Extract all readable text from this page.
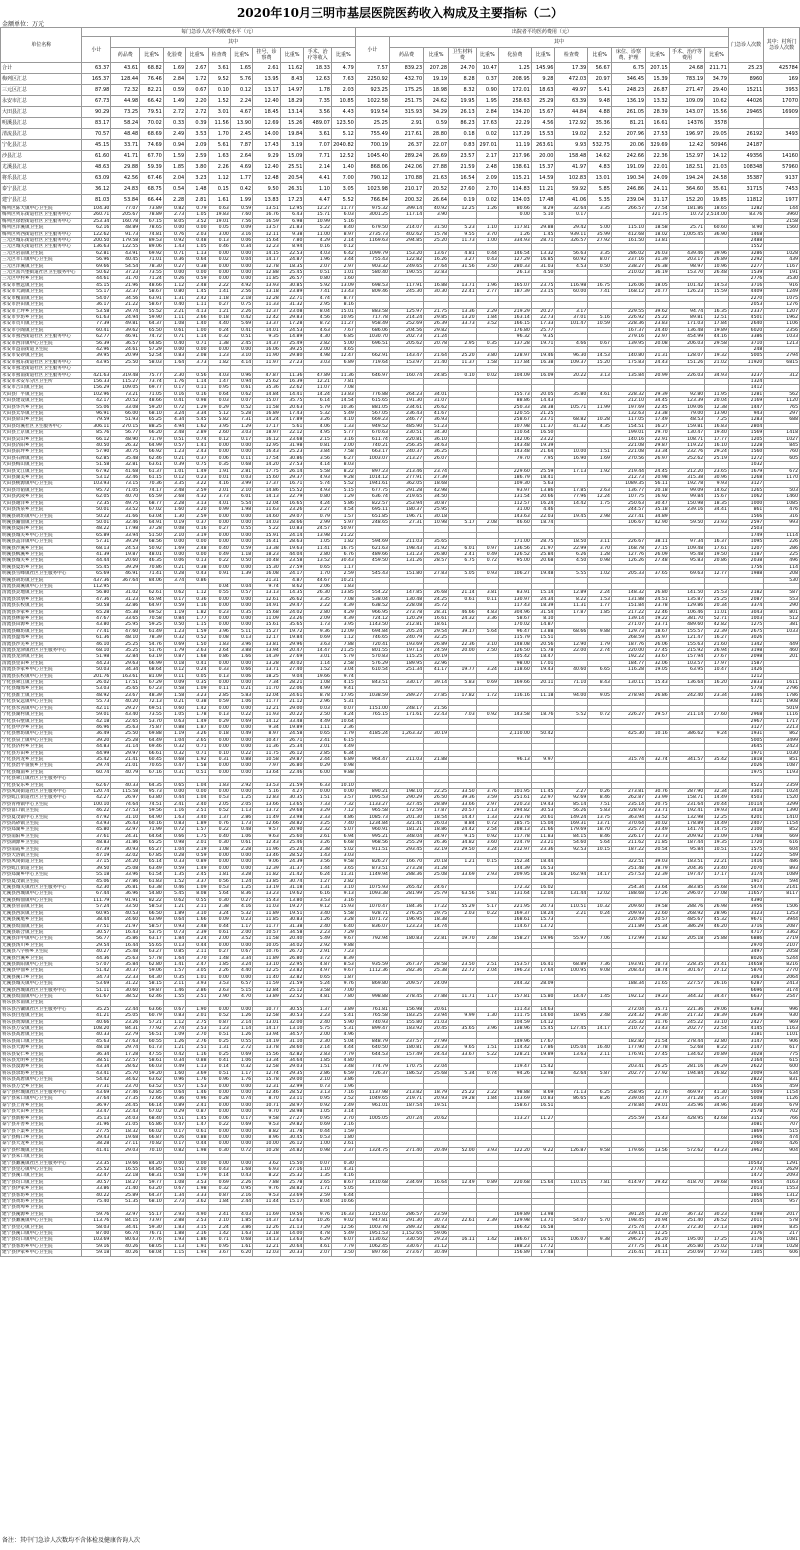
2020年10月三明市基层医院医药收入构成及主要指标（二）
金额单位：万元
单位名称	每门急诊人次平均收费水平（元）											出院者平均医药费用（元）													门急诊人次数	其中：村所门急诊人次数
	小计	其中										小计	其中													
		药品费	比重%	化验费	比重%	检查费	比重%	挂号、诊察费	比重%	手术、治疗等收入	比重%		药品费	比重%	卫生材料费	比重%	化验费	比重%	检查费	比重%	床位、诊察费、护理	比重%	手术、治疗等费用	比重%		
合计	63.37	43.61	68.82	1.69	2.67	3.61	1.65	2.61	11.62	18.33	4.79	7.57	839.23	207.28	24.70	10.47	1.25	145.96	17.39	56.67	6.75	207.15	24.68	211.71	25.23	425784
梅列区汇总	165.37	128.44	76.46	2.84	1.72	9.52	5.76	13.95	8.43	12.63	7.63	2250.92	432.70	19.19	8.28	0.37	208.95	9.28	472.03	20.97	346.45	15.39	783.19	34.79	8960	169
三元区汇总	87.98	72.32	82.21	0.59	0.67	0.10	0.12	13.17	14.97	1.78	2.03	923.25	175.25	18.98	8.32	0.90	172.01	18.63	49.97	5.41	248.23	26.87	271.47	29.40	15211	3953
永安市汇总	67.73	44.98	66.42	1.49	2.20	1.52	2.24	12.40	18.29	7.35	10.85	1022.58	251.75	24.62	19.95	1.95	258.63	25.29	63.39	9.48	136.19	13.32	109.09	10.62	44026	17070
大田县汇总	90.29	73.25	79.51	2.72	2.72	3.01	4.67	18.45	13.14	3.56	4.43	919.54	315.93	34.29	26.13	2.84	134.20	15.67	44.84	4.88	261.05	28.39	143.07	15.56	29465	16909
明溪县汇总	83.17	58.24	70.02	0.33	0.39	11.56	13.90	12.69	15.26	489.07	123.50	25.25	2.91	0.59	86.23	17.63	22.29	4.56	172.92	35.36	81.21	16.61	14376	3578		
清流县汇总	70.57	48.48	68.69	2.49	3.53	1.70	2.45	14.00	19.84	3.61	5.12	755.49	217.61	28.80	0.18	0.02	117.29	15.53	19.02	2.52	207.96	27.53	196.97	29.05	26192	3493
宁化县汇总	45.15	33.71	74.69	0.94	2.09	5.61	7.87	17.43	3.19	7.07	2040.82	700.19	26.37	22.07	0.83	297.01	11.19	263.61	9.93	532.75	20.06	329.69	12.42	50946	24187	
沙县汇总	61.60	41.71	67.70	1.59	2.59	1.63	2.64	9.29	15.09	7.71	12.52	1045.40	289.24	26.69	23.57	2.17	217.96	20.00	158.48	14.62	242.66	22.36	152.97	14.12	49356	14160
尤溪县汇总	48.63	29.88	59.39	1.85	3.80	2.26	4.69	12.40	25.51	2.14	1.40	868.06	242.06	27.88	21.59	2.48	138.61	15.37	41.97	4.83	191.09	22.01	182.51	21.03	108348	57960
将乐县汇总	63.09	42.56	67.46	2.04	3.23	1.12	1.77	12.48	20.54	4.41	7.00	790.12	170.88	21.63	16.54	2.09	115.21	14.59	102.83	13.01	190.34	24.09	194.24	24.58	35387	9137
泰宁县汇总	36.12	24.83	68.75	0.54	1.48	0.15	0.42	9.50	26.31	1.10	3.05	1023.98	210.17	20.52	27.60	2.70	114.83	11.21	59.92	5.85	246.86	24.11	364.60	35.61	31715	7453
建宁县汇总	81.03	53.84	66.44	2.28	2.81	1.61	1.99	13.83	17.23	4.47	5.52	766.84	200.32	26.64	0.19	0.02	134.03	17.48	41.06	5.35	239.04	31.17	152.20	19.85	11812	1977
梅列区陈大镇中心卫生院	104.30	77.07	73.89	0.82	0.79	0.63	0.59	13.51	12.95	12.27	11.77	975.32	399.14	40.92	12.25	1.26	80.66	8.29	32.64	3.35	266.57	27.54	181.86	18.65	1282	144
梅列区列东街道社区卫生服务中心	260.71	205.67	78.89	2.73	1.05	19.83	7.60	16.76	6.43	15.71	6.03	3001.25	117.14	3.90			0.00	5.10	0.17			321.75	10.72	2,514.00	83.76	3960
梅列区徐碧街道社区卫生服务中心	253.34	160.78	67.15	8.05	3.52	19.01	7.56	16.59	6.98	10.99	5.16															2158
梅列区洋溪镇卫生院	62.16	48.89	78.65	0.00	0.00	0.05	0.09	13.57	21.83	5.22	8.40	679.50	214.07	31.50	5.23	1.10	117.81	29.88	29.42	5.00	115.10	18.58	25.71	60.60	8.90	1560
梅列区列西街道社区卫生服务中心	122.62	91.73	74.81	0.76	2.03	3.00	3.16	12.11	9.38	11.00	8.97	2735.73	402.62	15.78	9.55	3.70	1.26	1.45	939.11	35.99	412.68	18.02	1,005.45	36.90	1468	
三元区城东街道社区卫生服务中心	200.50	179.58	89.53	0.92	0.48	0.13	0.06	15.64	7.80	4.29	2.14	1169.63	294.85	25.20	11.73	1.00	334.93	28.71	326.57	27.92	161.50	13.81			2488	
三元区城关街道社区卫生服务中心	136.63	122.55	89.06	1.43	1.05	0.46	0.34	12.23	8.94	0.16	0.12														1552	
三元区岩前镇卫生院	62.81	43.91	69.92	0.71	1.13	0.00	0.00	14.15	22.53	4.03	6.42	1099.79	153.20	13.67	4.81	0.44	146.54	13.32	56.63	3.35	286.02	26.03	439.46	39.96	3286	1028
三元区莘口镇中心卫生院	56.96	40.45	71.01	0.36	0.64	0.02	0.04	14.17	24.87	1.96	3.44	755.43	122.82	16.26	3.27	0.43	127.29	16.85	60.92	8.07	237.16	31.39	203.17	26.89	2292	439
三元区洋溪镇卫生院	69.66	54.54	78.30	0.27	0.38	0.00	0.00	12.78	18.35	2.07	2.97	903.32	249.65	27.64	31.56	3.50	280.33	31.03	4.53	0.50	238.27	26.38	98.97	10.96	2277	1167
三元区富兴堡街道社区卫生服务中心	50.62	37.23	73.55	0.00	0.00	0.00	0.00	12.88	25.45	0.51	1.01	580.40	190.55	32.83			26.13	4.50			210.02	36.19	153.70	26.48	1539	191
三元区中村乡卫生院	44.61	31.70	71.24	0.26	0.59	0.00	0.00	11.85	26.57	0.80	1.60														2776	3530
永安市曹远镇卫生院	45.15	21.96	48.66	1.12	2.48	2.22	4.92	13.93	30.85	5.92	13.09	698.53	117.91	16.88	13.71	1.96	165.07	23.75	116.98	16.75	126.06	18.05	101.42	14.53	3716	916
永安市大湖镇卫生院	55.17	32.37	58.67	0.80	1.45	1.41	2.56	13.18	23.89	7.41	13.43	809.46	245.30	30.30	22.41	2.77	187.39	23.15	60.00	7.41	168.12	20.77	126.23	15.59	4409	1249
永安市槐南镇卫生院	54.07	34.56	63.91	1.31	2.42	1.18	2.18	12.28	22.71	4.74	8.77														2270	1075
永安市洪田镇卫生院	36.17	21.22	58.67	0.40	1.11	0.27	0.75	11.33	31.32	2.95	8.16														2053	1276
永安市上坪乡卫生院	53.58	29.74	55.52	2.21	4.13	1.21	2.26	12.37	23.08	8.04	15.01	883.58	125.97	21.75	13.36	2.29	219.29	20.27	3.17		229.55	39.62	94.74	16.35	2337	1207
永安市罗坊乡卫生院	61.63	24.94	59.90	1.11	2.66	0.18	0.42	12.42	29.83	4.56	10.95	717.78	214.24	29.85	13.20	1.84	163.14	22.73	37.01	5.16	226.92	25.22	89.81	12.51	4501	1962
永安市贡川镇卫生院	77.39	49.81	64.37	1.08	1.40	4.40	5.69	13.37	17.28	8.72	11.27	958.49	252.69	26.39	33.73	3.52	166.15	17.33	101.47	10.59	228.36	23.83	171.03	17.84	2640	1106
永安市小陶镇卫生院	60.41	39.62	65.50	0.61	1.00	0.24	0.41	14.01	24.53	4.63	7.67	686.06	204.56	29.82			176.80	25.77			167.37	24.40	136.48	19.89	6020	2356
永安市燕西街道社区卫生服务中心	62.77	46.91	74.72	0.71	1.14	0.32	0.51	9.35	14.89	4.30	6.85	1030.70	202.73	21.24			96.32	9.35			279.16	22.97	454.99	44.16	3386	1033
永安市西洋镇中心卫生院	56.39	36.57	64.85	0.40	0.71	1.38	2.45	14.37	25.49	2.82	5.00	696.51	205.62	20.78	2.95	0.35	137.28	19.71	4.66	0.67	139.95	20.08	206.03	29.58	3710	1213
永安市益前街道卫生院	42.96	24.61	57.29	0.00	0.00	0.00	0.00	16.06	39.25	2.00	4.65														248	
永安市安砂镇卫生院	39.95	20.99	52.54	0.83	2.08	1.23	3.10	11.90	29.80	4.98	12.47	662.91	143.47	21.64	25.20	3.80	128.97	19.46	96.30	14.53	140.80	21.31	128.07	19.32	5005	2794
永安市燕东街道社区卫生服务中心	43.95	25.50	58.03	1.64	3.73	1.82	4.14	11.97	27.23	3.03	6.89	719.64	153.97	21.40	11.37	1.58	117.84	16.38	109.37	15.20	175.83	24.43	151.26	21.02	11920	6815
永安市燕北街道社区卫生服务中心																										
永安市燕南街道社区卫生服务中心	421.63	319.48	75.77	2.30	0.56	4.03	0.96	47.87	11.36	47.89	11.36	646.97	160.74	24.85	0.10	0.02	104.09	16.09	20.22	3.13	135.84	20.99	226.03	34.93	3237	312
永安市永安军分区卫生所	156.33	115.27	73.74	1.76	1.14	1.47	0.94	25.62	16.39	12.21	7.81														1324	
永安市吉山镇卫生院	156.29	109.05	69.77	0.17	0.11	0.95	0.61	35.36	22.62	11.07	7.08														1412	
大田县广平镇卫生院	102.96	73.21	71.05	0.16	0.16	0.64	0.62	14.84	14.41	14.24	13.83	776.88	264.23	34.01			155.73	20.05	35.80	4.61	228.32	29.39	92.80	11.95	1281	562
大田县建设镇卫生院	42.17	20.52	48.66	0.41	0.98	0.03	0.07	15.07	35.75	6.14	14.54	615.65	191.30	31.07			88.86	14.43			212.10	34.45	123.39	20.04	2169	1120
大田县华兴乡卫生院	55.06	33.08	59.20	0.72	1.29	0.29	0.52	11.58	20.63	5.79	10.36	881.05	234.61	26.62			250.33	28.38	105.71	11.99	197.69	22.45	109.06	12.38	1447	765
大田县太华镇卫生院	96.91	66.00	68.10	3.24	3.34	5.12	5.28	16.89	17.43	5.32	5.49	567.05	236.43	41.67			120.55	21.25			132.63	23.38	79.00	13.90	943	297
大田县屏山乡卫生院	79.59	51.93	65.25	4.34	5.45	5.82	7.31	14.24	17.89	3.26	4.10	669.23	246.77	36.93			258.67	23.71	68.82	10.28	117.05	17.49	48.53	7.25	1283	688
大田县均溪社区卫生服务中心	306.11	270.15	88.25	4.94	1.62	3.95	1.29	17.17	5.61	4.06	1.33	949.52	485.90	51.23			107.98	11.37	41.32	4.35	154.51	16.27	159.81	16.83	2804	
大田县上京镇卫生院	85.76	56.77	66.20	2.48	2.89	2.60	3.03	18.97	22.12	4.95	5.77	670.63	230.51	34.30			110.64	16.50			199.01	29.70	130.47	19.40	1569	1418
大田县吴山乡卫生院	66.12	48.90	71.79	0.51	0.74	0.12	0.17	16.12	23.68	2.15	3.16	611.74	220.81	36.10			142.06	23.22			140.16	22.91	108.71	17.77	1205	1027
大田县济阳乡卫生院	40.50	26.32	64.99	0.57	1.41	0.00	0.00	12.95	31.98	0.81	2.00	740.21	256.35	34.63			143.48	19.39			221.08	29.87	119.22	16.10	1228	845
大田县前坪乡卫生院	57.90	30.75	66.92	1.23	2.43	0.00	0.00	16.43	25.23	3.84	7.58	663.17	240.37	36.25			143.48	21.64	10.00	1.51	221.08	33.34	232.76	29.24	1560	760
大田县石牌镇卫生院	62.85	35.48	62.46	0.21	0.37	0.06	0.11	17.54	30.86	3.56	6.27	1003.07	213.27	26.07			79.70	7.95	16.90	1.69	270.56	26.97	252.62	25.19	1272	605
大田县梅山镇卫生院	51.58	32.81	63.61	0.39	0.75	0.35	0.68	14.20	27.53	4.14	8.03														1032	
大田县文江镇卫生院	67.92	41.68	61.37	1.01	1.49	1.91	2.81	17.75	26.14	5.58	8.22	897.23	213.46	23.74			229.60	25.59	17.13	1.92	219.44	24.45	212.20	23.65	1679	672
大田县湖美乡卫生院	53.12	32.46	61.15	0.12	0.23	0.01	0.03	15.60	29.37	4.93	9.28	1014.12	277.91	27.39			186.79	18.41			212.73	20.98	315.38	30.96	1268	1170
大田县桃源镇中心卫生院	103.93	73.15	70.36	3.35	3.22	4.16	3.99	17.37	16.71	5.74	5.52	1941.61	362.05	18.68			109.30	5.63			1089.35	56.11	192.78	9.93	3127	
大田县奇韬镇卫生院	95.72	71.05	74.17	2.48	2.59	2.01	2.10	14.86	15.52	4.93	5.15	677.75	291.28	42.98			93.97	13.86	17.85	2.63	136.77	20.18	99.09	14.62	1265	503
大田县武陵乡卫生院	62.05	40.70	65.59	2.68	4.32	3.73	6.01	14.13	22.79	0.80	1.29	636.74	219.65	34.50			131.54	20.66	77.96	12.24	107.75	16.92	99.84	15.67	1062	1460
大田县谢洋乡卫生院	72.35	49.75	68.77	2.28	3.13	4.01	5.54	12.04	16.65	4.24	5.86	822.57	253.94	30.87			112.57	16.24	14.42	1.75	250.63	30.47	150.98	18.35	1000	1085
大田县汤泉乡卫生院	50.01	33.52	67.02	1.60	3.20	0.99	1.98	11.63	23.26	2.27	4.54	695.11	180.37	25.95			31.00	4.46			244.57	35.18	239.16	34.41	861	476
明溪县胡坊镇中心卫生院	50.22	31.66	63.04	1.30	2.59	0.00	0.00	14.60	29.07	0.79	1.57	651.85	196.71	30.18			143.63	22.03	19.45	2.98	227.41	34.89			1566	316
明溪县瀚仙镇卫生院	50.01	32.46	64.91	0.19	0.37	0.00	0.00	14.03	28.66	2.99	5.97	248.65	27.31	10.98	5.17	2.08	46.60	18.74			106.67	42.90	59.50	23.93	2597	993
明溪县夏阳乡卫生院	48.22	17.98	37.28	0.08	0.16	0.27	0.55	5.22	10.83	24.57	50.97														2503	
明溪县城关乡中心卫生院	65.89	33.94	51.50	2.10	3.19	0.00	0.00	15.91	24.14	13.98	21.22														1749	1114
明溪县盖洋镇中心卫生院	57.31	39.29	68.56	0.00	0.00	0.00	0.00	16.41	28.63	1.05	1.82	594.69	211.03	35.65			171.00	28.75	18.50	3.11	226.67	38.11	97.34	16.37	1095	226
明溪县沙溪乡卫生院	68.13	24.53	50.92	1.69	2.48	0.40	0.59	13.38	19.63	11.41	16.75	621.63	198.43	31.92	6.01	0.97	136.56	21.97	22.99	3.70	168.78	27.15	109.48	17.61	1207	286
明溪县枫溪乡卫生院	41.39	19.87	48.01	0.00	0.00	0.49	1.18	18.23	44.04	2.80	6.76	489.66	131.23	26.80	2.41	0.49	126.52	25.84	6.26	1.28	127.76	26.09	95.48	19.50	1187	225
明溪县城关乡卫生院	44.44	20.60	46.35	0.06	0.13	0.22	0.50	10.48	23.58	13.52	30.43	459.50	131.26	28.57	6.75	0.72	95.00	20.68	4.50	0.98	126.26	27.48	95.83	20.86	2038	496
明溪县夏坊乡卫生院	55.45	39.29	70.86	0.21	0.38	0.00	0.00	15.30	27.59	0.65	1.17														1756	114
明溪县雪峰镇社区卫生服务中心	65.69	46.91	71.41	0.28	0.43	0.91	1.39	16.08	24.17	1.70	2.59	545.43	151.80	27.83	5.05	0.93	106.27	19.48	5.55	1.02	205.33	37.65	69.63	12.77	1988	208
明溪县胡坊镇卫生院	437.36	367.64	84.06	3.74	0.86			21.31	4.87	44.67	10.21															530
清流县嵩溪镇中心卫生院	112.95					0.04	0.04	9.74	8.62	2.06	1.83															
清流县灵地镇卫生院	56.80	31.02	62.61	0.62	1.12	0.55	0.57	13.13	14.35	26.30	13.85	554.22	147.85	26.68	21.14	3.81	83.91	15.14	12.89	2.24	148.32	26.80	141.50	25.53	2182	587
清流县余朋乡卫生院	47.36	31.23	65.94	0.17	0.36	0.00	0.00	12.61	26.62	3.35	7.08	538.04	130.48	24.25	0.61	0.11	130.97	24.34	8.22	1.53	131.88	24.51	135.87	25.25	2087	553
清流县长校镇卫生院	50.58	32.86	64.97	0.59	1.16	0.00	0.00	14.91	29.47	2.22	4.39	638.52	228.08	35.72			117.43	18.39	11.31	1.77	151.84	23.78	129.86	20.34	3374	290
清流县李家乡卫生院	65.28	45.38	69.52	1.19	1.82	0.23	0.35	15.68	24.02	2.80	4.29	966.95	273.78	28.31	46.66	4.83	304.96	31.54	17.87	1.85	217.22	22.46	106.46	11.01	3043	801
清流县林畲乡卫生院	47.67	33.65	70.58	0.84	1.77	0.00	0.00	11.09	23.26	2.09	4.39	724.12	120.29	16.61	24.32	3.36	58.67	8.10			139.14	19.22	381.70	52.71	1003	512
清流县田源乡卫生院	43.80	25.95	59.25	0.50	1.15	0.00	0.00	15.61	35.65	1.73	3.95	1143.50	212.81	18.61			170.02	14.87			271.07	23.71	489.60	42.82	1275	381
清流县赖坊镇卫生院	77.41	47.60	61.49	1.23	1.59	3.96	5.11	15.27	19.72	9.36	12.09	694.84	205.24	29.54	39.17	5.64	96.47	13.88	68.66	9.88	129.73	18.67	155.57	22.39	2675	1033
清流县温郊乡卫生院	61.36	48.10	78.39	0.32	0.52	0.08	0.13	12.17	19.84	0.69	1.12	746.65	240.79	32.25			115.79	15.51			268.59	35.97	121.47	16.27	3026	
清流县沙芜乡卫生院	46.10	25.25	54.76	0.69	1.50	1.83	3.96	13.81	29.96	3.63	7.88	720.41	193.69	26.89	22.36	3.10	148.08	20.56	12.90	1.79	187.76	26.06	155.63	21.60	1342	449
清流县龙津镇社区卫生服务中心	68.10	35.25	51.76	1.79	2.63	2.64	3.88	13.94	20.47	14.47	21.25	801.55	197.13	24.59	20.00	2.50	126.50	15.78	22.00	2.74	220.00	27.45	215.92	26.94	3198	460
清流县龙津镇卫生院	51.98	32.84	63.19	0.87	1.68	0.86	1.66	14.39	27.69	3.01	5.79	570.83	115.25	20.19			105.42	18.47			192.22	33.67	157.94	27.67	2098	201
清流县里田乡卫生院	44.23	29.63	66.99	0.18	0.41	0.00	0.00	13.28	30.02	1.14	2.58	576.29	189.95	32.96			98.00	17.01			184.77	32.06	103.57	17.97	1587	
清流县李家乡中心卫生院	50.03	34.34	68.64	0.12	0.24	0.33	0.66	13.71	27.40	1.52	3.04	610.54	251.34	41.17	19.77	3.24	118.60	19.43	40.60	6.65	116.28	19.05	63.95	10.47	1426	
清流县长校镇中心卫生院	201.76	163.61	81.09	0.11	0.05	0.13	0.06	18.25	9.04	19.66	9.74														1212	
宁化县翠江镇卫生院	26.02	17.51	67.29	0.09	0.35	0.00	0.00	7.34	28.21	1.08	4.15	843.51	330.17	39.14	5.83	0.69	169.66	20.11	71.10	8.43	130.11	15.43	136.64	16.20	2833	1611
宁化县城郊乡卫生院	53.03	35.65	67.23	0.58	1.09	0.11	0.21	11.70	22.06	4.99	9.41														5778	2796
宁化县淮土镇卫生院	48.92	23.67	48.39	1.58	3.23	2.85	5.83	12.04	24.61	8.78	17.95	1038.59	289.27	27.85	17.82	1.72	116.16	11.18	94.00	9.05	278.94	26.86	242.40	23.34	3346	1786
宁化县安远镇中心卫生院	55.73	40.20	72.13	0.21	0.38	0.59	1.06	11.77	21.12	2.96	5.31														4321	1908
宁化县水茜镇中心卫生院	42.11	29.27	69.51	0.60	1.42	0.00	0.00	12.21	29.00	0.03	0.07	1151.00	248.17	21.56												5019
宁化县湖村镇卫生院	59.01	43.40	73.55	1.05	1.78	0.13	0.22	11.93	20.22	2.50	4.24	765.15	171.61	22.43	7.03	0.92	143.58	18.76	5.52	0.72	226.27	29.57	211.14	27.60	2968	1116
宁化县石壁镇卫生院	42.18	22.65	53.70	0.63	1.49	0.29	0.69	14.12	33.48	4.49	10.64														2967	1717
宁化县中沙乡卫生院	46.96	35.63	75.87	0.88	1.87	0.00	0.00	9.34	19.89	1.11	2.36														3127	2213
宁化县曹坊镇中心卫生院	36.49	25.50	69.88	1.19	3.26	0.18	0.49	8.97	24.58	0.65	1.79	4185.24	1,263.32	30.19			2,110.00	50.42			425.30	10.16	386.62	9.24	1931	862
宁化县泉上镇中心卫生院	39.20	25.28	64.49	1.04	2.65	0.00	0.00	10.47	26.71	2.41	6.15														5005	3499
宁化县济村乡卫生院	44.83	31.14	69.46	0.32	0.71	0.00	0.00	11.36	25.34	2.01	4.49														3645	2423
宁化县方田乡卫生院	44.99	29.97	66.61	0.32	0.71	0.10	0.22	11.75	26.12	2.85	6.34														1971	1030
宁化县河龙乡卫生院	35.42	21.41	60.45	0.68	1.92	0.31	0.88	10.58	29.87	2.44	6.89	964.47	211.03	21.88			96.13	9.97			315.74	32.74	341.57	35.42	1818	851
宁化县治平畲族乡卫生院	29.74	21.01	70.65	0.47	1.58	0.00	0.00	7.97	26.80	0.29	0.98														2026	1087
宁化县城南乡卫生院	60.74	40.79	67.16	0.31	0.51	0.00	0.00	13.64	22.46	6.00	9.88														1975	1193
宁化县翠江镇社区卫生服务中心																										
宁化县安乐乡卫生院	62.67	40.33	64.35	0.65	1.04	1.83	2.92	13.53	21.59	6.33	10.10														4523	2359
沙县凤岗街道社区卫生服务中心	120.74	115.58	95.73	0.00	0.00	0.00	0.00	5.16	4.27	0.00	0.00	890.21	198.10	22.25	33.50	3.76	101.95	11.45	2.27	0.26	273.81	30.76	287.90	32.34	3301	1024
沙县虬江街道社区卫生服务中心	42.27	26.97	63.80	0.44	1.04	0.53	1.25	12.83	30.35	1.51	3.57	1095.53	290.29	26.50	39.36	3.59	251.61	22.97	92.69	8.46	262.87	23.99	158.71	14.49	4503	1520
沙县青州镇中心卫生院	100.10	74.64	74.51	2.41	2.40	2.05	2.05	13.66	13.65	7.33	7.32	1133.27	327.45	28.89	33.66	2.97	220.23	19.43	85.14	7.51	235.14	20.75	231.64	20.44	10114	3299
沙县富口镇卫生院	46.22	27.53	59.56	1.16	2.51	0.52	1.13	13.72	29.68	3.29	7.12	965.58	172.59	17.87	20.57	2.13	294.82	30.53	56.26	5.83	228.93	23.71	192.41	19.93	3418	1390
沙县夏茂镇中心卫生院	47.92	31.10	64.90	1.63	3.40	1.37	2.86	11.49	23.98	2.33	4.86	1085.73	201.30	18.54	14.47	1.33	223.78	20.61	149.24	13.75	363.94	33.52	132.98	12.25	4201	1410
沙县高砂镇卫生院	43.93	26.43	60.16	0.83	1.89	0.76	1.73	12.66	28.82	3.25	7.40	1234.84	321.41	26.03	8.84	0.72	185.75	15.04	169.31	13.71	370.64	30.02	178.89	14.49	2407	1154
沙县郑湖乡卫生院	45.80	32.97	71.99	0.72	1.57	0.22	0.48	9.57	20.90	2.32	5.07	960.91	181.21	18.86	24.42	2.54	208.13	21.66	179.69	18.70	225.72	23.49	141.74	14.75	2100	852
沙县南阳乡卫生院	37.61	24.31	64.64	0.66	1.75	0.40	1.06	9.63	25.60	2.61	6.94	995.21	348.04	34.97	9.15	0.92	117.78	11.83	84.15	8.46	226.17	22.73	209.92	21.09	1768	669
沙县湖源乡卫生院	48.83	31.86	65.25	0.98	2.01	0.30	0.61	12.43	25.46	3.26	6.68	968.56	255.29	26.36	34.82	3.60	224.79	23.21	54.60	5.64	211.62	21.85	187.44	19.35	1720	616
沙县南霞乡卫生院	47.39	30.93	65.27	1.04	2.19	1.08	2.28	11.96	25.24	2.38	5.02	911.51	293.45	32.19	29.50	3.24	212.97	23.36	92.53	10.15	187.22	20.54	95.84	10.51	1575	604
沙县大洛镇卫生院	47.19	32.02	67.85	0.28	0.59	0.00	0.00	13.46	28.52	1.43	3.03														1322	549
沙县凤岗街道卫生院	37.15	24.20	65.14	0.33	0.89	0.00	0.00	9.06	24.39	3.56	9.58	826.27	166.70	20.18	1.21	0.15	152.34	18.44			322.51	39.03	183.51	22.21	1416	486
沙县虬江街道卫生院	39.50	25.08	63.49	0.59	1.49	0.00	0.00	12.39	31.37	1.44	3.65	873.51	273.28	31.28			144.39	16.53			251.48	28.79	204.36	23.40	2070	893
沙县郑湖乡中心卫生院	55.18	33.96	61.54	1.35	2.45	1.81	3.28	11.82	21.42	6.24	11.31	1149.94	288.36	25.08	33.69	2.93	209.95	18.26	162.94	14.17	257.53	22.39	197.47	17.17	3174	1089
沙县夏茂镇卫生院	45.06	27.86	61.83	1.52	3.37	0.56	1.24	13.85	30.74	1.27	2.82														1917	594
尤溪县城关镇社区卫生服务中心	42.30	26.81	63.38	0.46	1.09	0.53	1.25	13.19	31.18	1.31	3.10	1075.93	265.42	24.67			172.32	16.02			254.34	23.64	383.85	35.68	5474	2141
尤溪县西城镇中心卫生院	67.44	36.96	54.80	5.45	8.08	5.64	8.36	13.23	19.62	6.16	9.13	1093.38	281.99	25.79	63.56	5.81	131.64	12.04	131.44	12.02	188.68	17.26	296.07	27.08	11657	8117
尤溪县梅仙镇中心卫生院	111.79	91.91	82.22	0.62	0.55	0.30	0.27	15.43	13.80	3.53	3.16														4390	
尤溪县管前镇卫生院	57.24	33.50	58.53	1.21	2.11	2.38	4.16	11.03	19.27	9.12	15.93	1070.47	184.36	17.22	55.29	5.17	221.95	20.73	110.51	10.32	209.60	19.58	288.76	26.98	3956	1506
尤溪县西滨镇卫生院	60.95	40.53	66.50	1.89	3.10	3.24	5.32	11.89	19.51	3.40	5.58	928.71	276.25	29.75	2.03	0.22	169.37	18.24	2.21	0.24	209.93	22.60	268.92	28.96	3123	1253
尤溪县溪尾乡卫生院	38.44	24.60	63.99	0.64	1.66	0.09	0.23	11.85	30.83	1.26	3.28	1071.72	196.95	18.38			168.61	15.73			220.49	20.57	485.67	45.32	9671	3944
尤溪县坂面镇卫生院	37.51	21.97	58.57	0.93	2.48	0.44	1.17	11.77	31.38	2.40	6.40	836.07	123.23	14.74			114.67	13.72			211.89	25.34	386.29	46.20	3716	2087
尤溪县联合镇卫生院	30.57	16.43	53.75	0.73	2.39	0.61	2.00	10.57	34.58	2.23	7.29														4717	3362
尤溪县洋中镇中心卫生院	56.77	35.86	63.17	1.84	3.24	2.00	3.52	11.58	20.40	5.49	9.67	792.94	180.83	22.81	19.70	2.48	158.27	19.96	55.97	7.06	172.99	21.82	205.18	25.88	6886	2719
尤溪县汤川乡卫生院	29.54	16.44	55.65	0.13	0.44	0.00	0.00	10.05	34.02	2.92	9.88														2970	2107
尤溪县八字桥乡卫生院	40.27	25.48	63.27	0.85	2.11	0.27	0.67	10.76	26.72	2.91	7.23														3497	2058
尤溪县台溪乡卫生院	44.36	25.63	57.78	1.64	3.70	1.48	3.34	11.89	26.80	3.72	8.39														8026	5244
尤溪县新阳镇中心卫生院	57.07	35.84	62.80	1.41	2.47	1.85	3.24	13.10	22.95	4.87	8.53	935.59	267.37	28.58	23.50	2.51	153.57	16.41	68.89	7.36	193.91	20.73	228.35	24.41	14658	8216
尤溪县中仙乡卫生院	51.42	30.37	59.06	1.57	3.05	2.26	4.40	12.25	23.82	4.97	9.67	1112.36	282.36	25.38	22.72	2.04	196.23	17.64	100.95	9.08	208.43	18.74	301.67	27.12	5876	2770
尤溪县溪口乡卫生院	34.73	22.33	64.30	0.35	1.01	0.00	0.00	11.40	32.82	0.65	1.87														3063	2064
尤溪县城关镇中心卫生院	53.69	31.22	58.15	2.11	3.93	3.53	6.57	11.59	21.59	5.24	9.76	869.80	209.57	24.09			244.32	28.09			188.34	21.65	227.57	26.16	6287	2413
尤溪县西城镇社区卫生服务中心	51.11	30.60	59.87	1.46	2.86	2.63	5.15	12.84	25.12	3.58	7.00														6696	3174
尤溪县坂面镇中心卫生院	61.67	38.52	62.46	1.55	2.51	2.90	4.70	13.89	22.52	4.81	7.80	998.88	278.45	27.88	11.71	1.17	157.81	15.80	14.47	1.45	192.12	19.23	344.32	34.47	6637	2547
将乐县水南镇卫生院																										
将乐县古镛镇社区卫生服务中心	35.25	22.44	63.66	0.67	1.90	0.00	0.00	10.77	30.55	1.37	3.89	761.81	156.98	20.61			111.43	14.63			272.04	35.71	221.36	29.06	6393	996
将乐县白莲镇卫生院	41.21	25.05	60.79	0.83	2.01	0.52	1.26	12.58	30.53	2.23	5.41	765.58	183.25	23.94	9.99	1.30	111.75	14.60	18.95	2.48	224.32	29.30	217.32	28.39	2639	930
将乐县黄潭镇卫生院	40.66	23.26	57.21	1.12	2.75	0.87	2.14	13.01	32.00	2.40	5.90	740.93	155.80	21.03			104.59	14.12			235.32	31.76	245.22	33.10	2427	969
将乐县万安镇卫生院	108.20	84.31	77.92	2.74	2.53	1.23	1.14	14.17	13.10	5.75	5.31	899.47	183.92	20.45	35.65	3.96	138.96	15.45	127.45	14.17	210.72	23.43	202.77	22.54	4145	1163
将乐县高唐镇卫生院	40.33	22.79	56.51	1.09	2.70	0.51	1.26	13.94	34.57	2.00	4.96														3181	1101
将乐县南口镇卫生院	45.63	27.63	60.55	1.26	2.76	0.25	0.55	14.19	31.10	2.30	5.04	848.79	237.57	27.99			149.96	17.67			182.82	21.54	278.44	32.80	3147	906
将乐县大源乡卫生院	48.18	29.74	61.73	1.21	2.51	1.31	2.72	13.78	28.60	2.14	4.44	640.50	180.81	28.23	9.65	1.51	114.42	17.86	105.04	16.40	177.90	27.78	52.68	8.22	2147	617
将乐县安仁乡卫生院	36.34	17.28	47.55	0.42	1.16	0.25	0.69	15.56	42.82	2.83	7.79	644.53	157.49	24.43	33.67	5.22	128.21	19.89	13.63	2.11	176.91	27.45	134.62	20.89	3028	775
将乐县光明乡卫生院	38.51	22.57	58.61	0.34	0.88	0.41	1.06	13.34	34.64	1.85	4.80														2164	615
将乐县漠源乡卫生院	43.34	28.62	66.03	0.49	1.13	0.14	0.32	12.58	29.03	1.51	3.48	774.79	170.75	22.04			119.47	15.42			203.41	26.25	281.16	36.29	2622	600
将乐县余坊乡卫生院	43.41	25.70	59.20	1.60	3.69	0.51	1.17	12.74	29.35	2.86	6.59	726.37	186.52	25.68	5.34	0.74	94.26	12.98	42.64	5.87	202.77	27.92	194.84	26.82	2009	634
将乐县高唐镇中心卫生院	54.42	34.62	63.62	0.96	1.76	0.96	1.76	15.78	29.00	2.10	3.86														2822	831
将乐县万全乡卫生院	37.31	23.70	63.52	0.57	1.53	0.00	0.00	12.31	32.99	0.73	1.96														1656	459
泰宁县杉城镇社区卫生服务中心	43.69	27.46	62.85	0.64	1.46	0.00	0.00	12.46	28.52	3.13	7.16	1137.98	213.82	18.79	25.22	2.22	98.88	8.69	71.13	6.25	258.95	22.76	469.97	41.30	5009	1154
泰宁县朱口镇中心卫生院	37.64	27.35	72.66	0.36	0.96	0.28	0.74	8.70	23.11	0.95	2.52	1049.65	219.71	20.93	19.28	1.84	113.69	10.83	86.65	8.26	239.04	22.77	371.28	35.37	5008	1126
泰宁县上青乡卫生院	36.97	24.45	66.14	0.89	2.41	0.00	0.00	10.71	28.97	0.92	2.49	961.01	187.54	19.51			158.67	16.51			278.84	29.01	335.96	34.96	3030	679
泰宁县大田乡卫生院	33.47	22.43	67.02	0.29	0.87	0.00	0.00	9.70	28.98	1.05	3.14														2578	702
泰宁县新桥乡卫生院	35.13	24.03	68.40	0.51	1.45	0.06	0.17	9.58	27.27	0.95	2.70	1005.05	207.24	20.62			113.27	11.27			255.59	25.43	428.95	42.68	3152	766
泰宁县开善乡卫生院	31.96	21.05	65.86	0.47	1.47	0.22	0.69	9.53	29.82	0.69	2.16														3081	707
泰宁县下渠乡卫生院	27.75	18.32	66.02	0.17	0.61	0.00	0.00	8.82	31.78	0.44	1.59														1869	515
泰宁县梅口乡卫生院	29.43	19.68	66.87	0.26	0.88	0.00	0.00	8.96	30.45	0.53	1.80														1966	474
泰宁县大龙乡卫生院	38.28	27.11	70.82	0.17	0.44	0.00	0.00	10.00	26.12	1.00	2.61														2060	426
泰宁县杉城镇卫生院	41.41	29.03	70.10	0.82	1.98	0.30	0.72	10.28	24.82	0.98	2.37	1324.75	271.40	20.49	52.00	3.93	122.20	9.22	126.87	9.58	179.66	13.56	572.62	43.23	3962	904
泰宁县朱口镇卫生院																										
建宁县濉溪镇社区卫生服务中心	23.35	19.66	84.20	0.00	0.00	0.00	0.00	3.62	15.50	0.07	0.30														10542	1291
建宁县里心镇中心卫生院	25.52	16.55	64.85	0.51	2.00	0.43	1.68	6.93	27.16	1.10	4.31														2774	2629
建宁县溪口镇卫生院	32.47	22.18	68.31	0.58	1.79	0.14	0.43	8.22	25.32	1.35	4.16														1472	2093
建宁县均口镇卫生院	30.57	18.27	59.77	1.08	3.53	0.69	2.26	7.88	25.78	2.65	8.67	1410.68	234.69	16.64	12.49	0.89	220.68	15.64	110.15	7.81	414.97	29.42	418.70	29.68	4954	4163
建宁县伊家乡卫生院	33.86	21.40	63.20	0.67	1.98	0.32	0.95	9.76	28.82	1.71	5.05														2013	1553
建宁县客坊乡卫生院	40.22	25.89	64.37	1.34	3.33	0.87	2.16	9.53	23.69	2.59	6.44														1866	1312
建宁县黄坊乡卫生院	75.40	51.35	68.10	2.73	3.62	1.84	2.44	11.44	15.17	8.04	10.66														2054	957
建宁县黄埠乡卫生院																										
建宁县溪源乡卫生院	59.76	32.97	55.17	2.93	4.90	2.41	4.03	11.69	19.56	9.76	16.33	1215.02	286.57	23.59			169.89	13.98			391.24	32.20	367.32	30.23	4198	2017
建宁县濉溪镇中心卫生院	113.76	84.15	73.97	2.88	2.53	2.10	1.85	14.37	12.63	10.26	9.02	947.81	291.30	30.73	22.61	2.39	129.98	13.71	54.07	5.70	198.45	20.94	251.40	26.52	2011	578
建宁县里心镇卫生院	58.03	34.41	59.30	1.83	3.15	2.24	3.86	12.26	21.13	7.29	12.56	1003.78	289.32	28.82			166.42	16.58			275.74	27.47	272.30	27.13	1809	835
建宁县溪口镇中心卫生院	87.00	66.74	76.71	1.88	2.16	1.42	1.63	12.18	14.00	4.78	5.49	1951.53	1,152.65	59.06							239.11	12.25			2176	217
建宁县均口镇中心卫生院	103.69	80.63	77.76	1.93	1.86	0.71	0.68	14.13	13.63	6.29	6.07	1130.62	330.50	29.23	16.11	1.42	186.67	16.51	106.07	9.38	296.27	26.20	195.00	17.25	3176	1081
建宁县客坊乡中心卫生院	59.16	40.26	68.05	1.13	1.91	0.95	1.61	12.21	20.64	4.61	7.79	1062.45	330.67	31.12			188.23	17.72			277.75	26.14	265.80	25.02	1718	1028
建宁县伊家乡中心卫生院	59.18	40.26	68.04	1.15	1.94	3.67	6.20	12.03	20.33	2.07	3.50	897.66	273.67	30.49			156.89	17.48			216.41	24.11	250.69	27.93	1305	606
备注：其中门急诊人次数均不含体检及健康咨询人次
